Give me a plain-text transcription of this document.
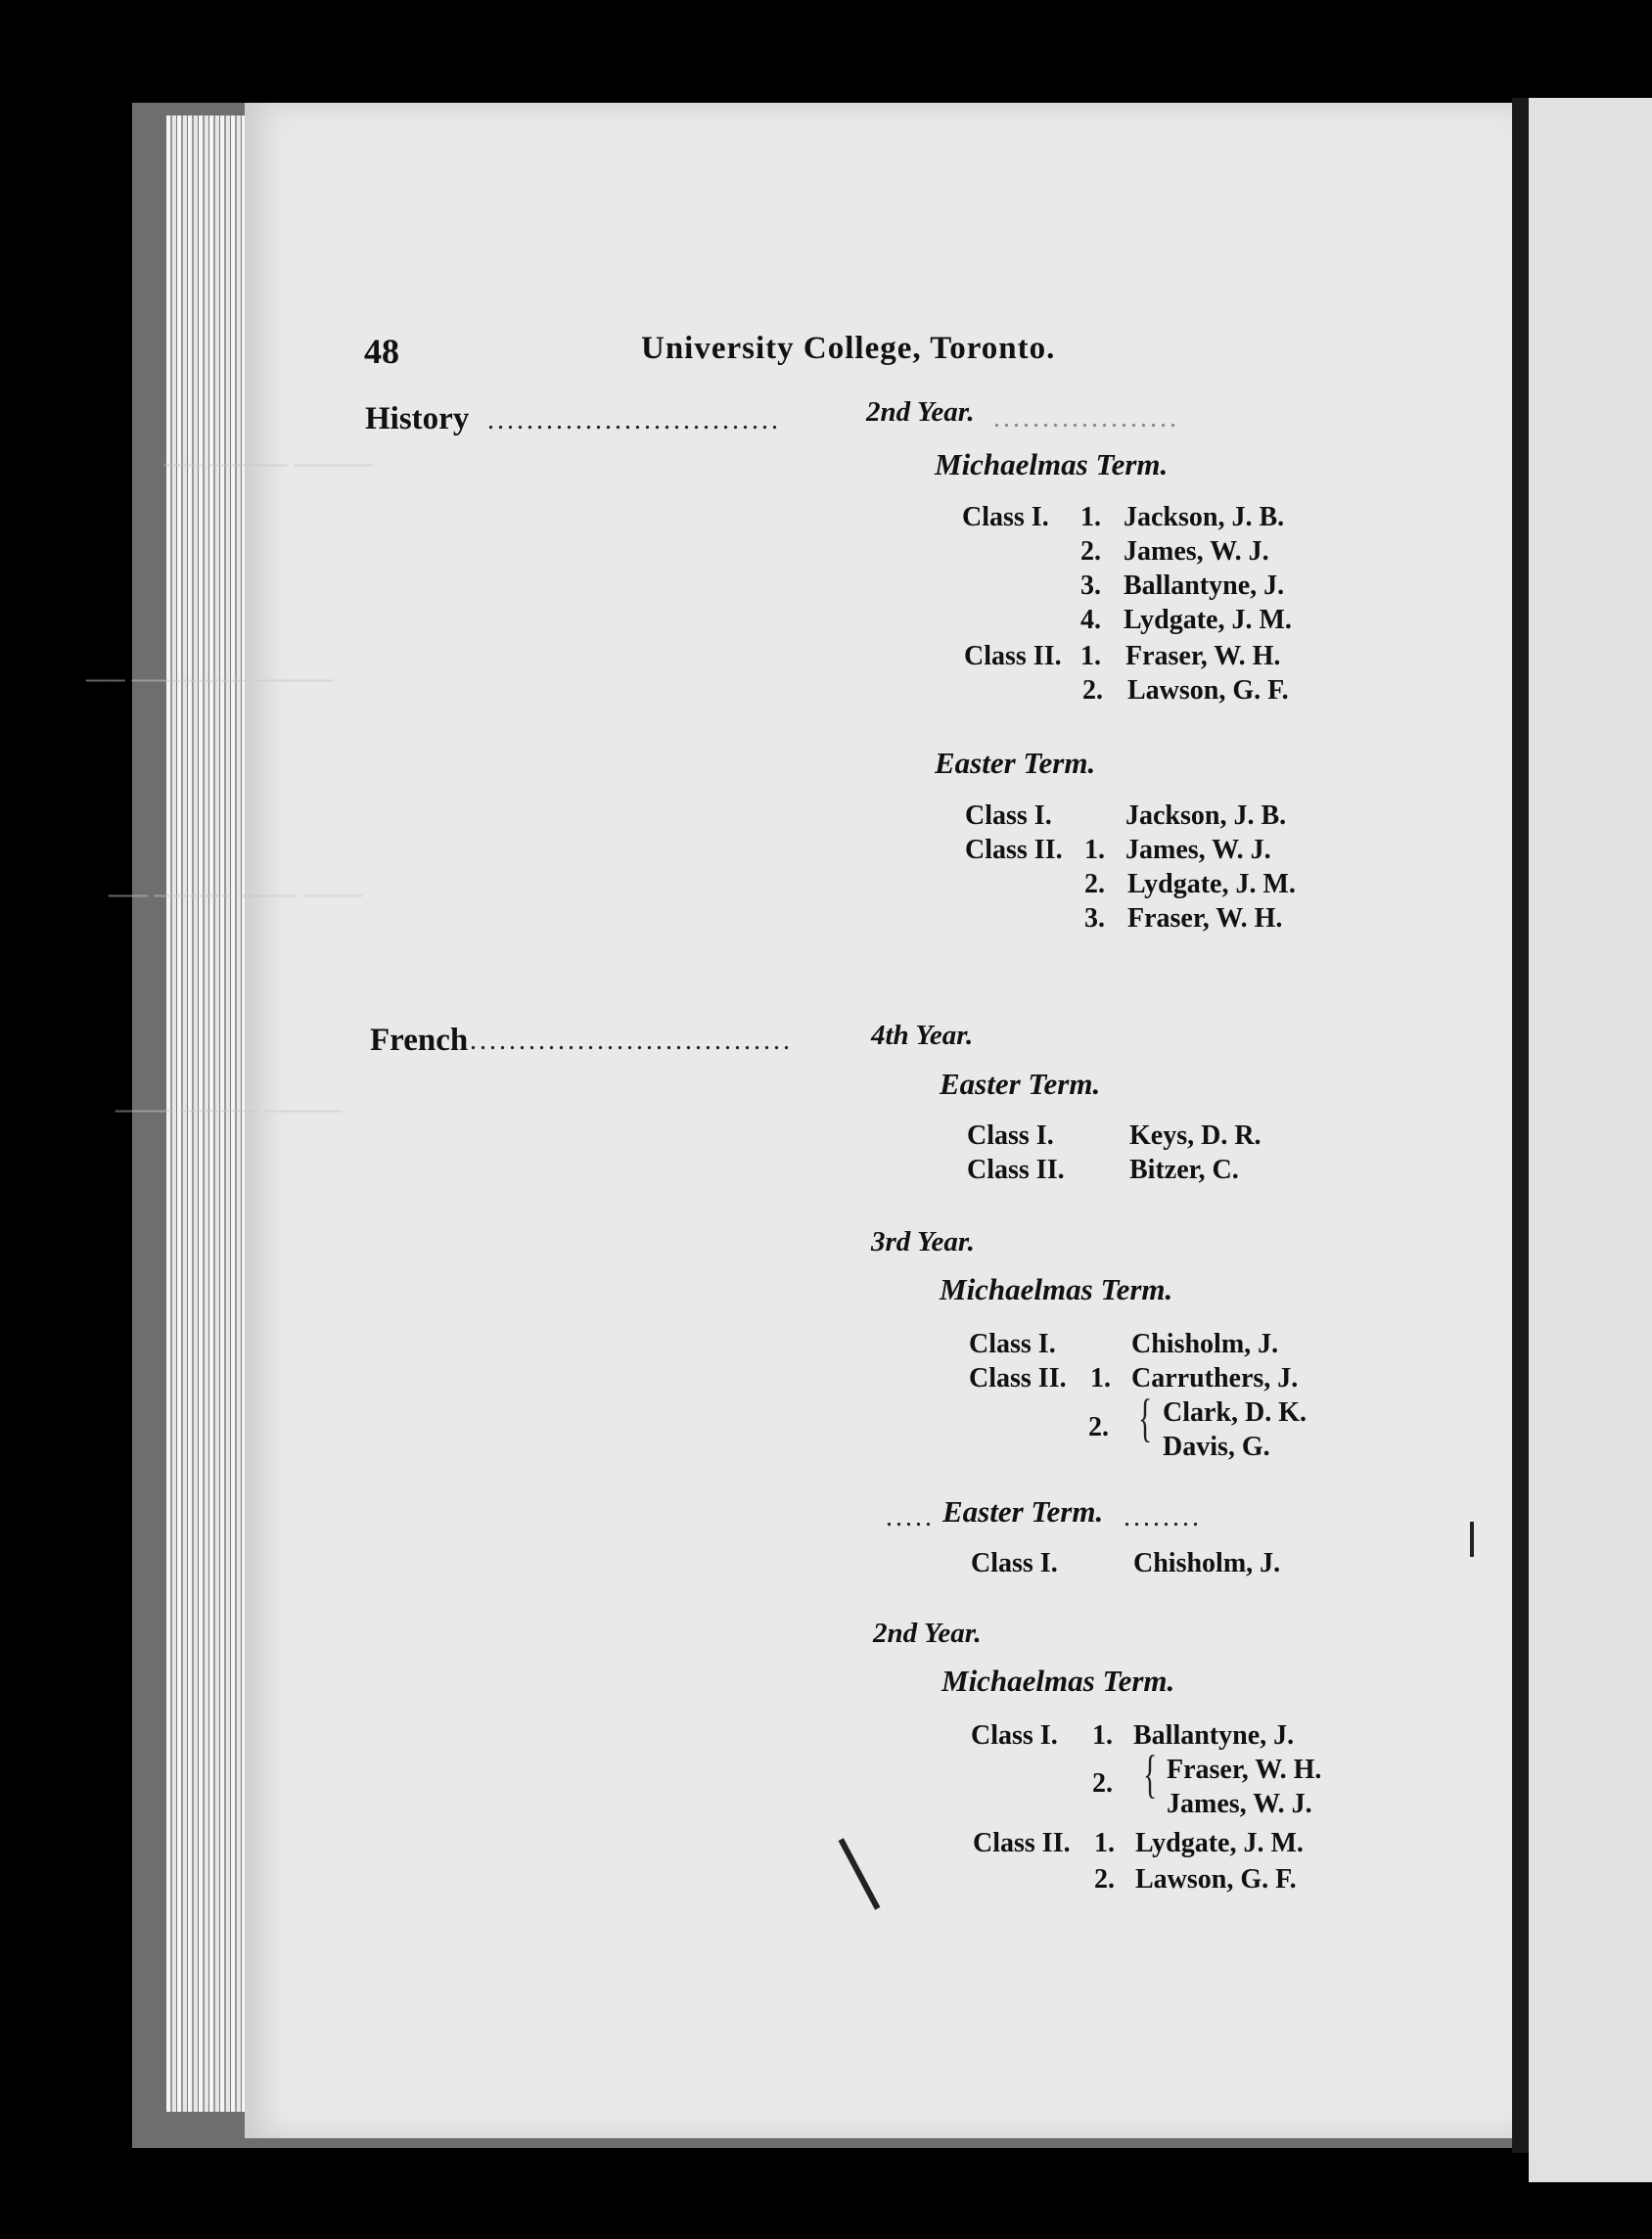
──── ──── ──
──── ────── ──
─── ─── ──── ──
──── ──── ───
48	University College, Toronto.
History ..............................	2nd Year. ...................
Michaelmas Term.
Class I. 1. Jackson, J. B.
2. James, W. J.
3. Ballantyne, J.
4. Lydgate, J. M.
Class II. 1. Fraser, W. H.
2. Lawson, G. F.
Easter Term.
Class I.	Jackson, J. B.
Class II. 1. James, W. J.
2. Lydgate, J. M.
3. Fraser, W. H.
French .................................	4th Year.
Easter Term.
Class I.	Keys, D. R.
Class II. Bitzer, C.
3rd Year.
Michaelmas Term.
Class I.	Chisholm, J.
Class II. 1. Carruthers, J.
2. { Clark, D. K.
Davis, G.
Easter Term.
.....	........
Class I.	Chisholm, J.
2nd Year.
Michaelmas Term.
Class I. 1. Ballantyne, J.
2. { Fraser, W. H.
James, W. J.
Class II. 1. Lydgate, J. M.
2. Lawson, G. F.
